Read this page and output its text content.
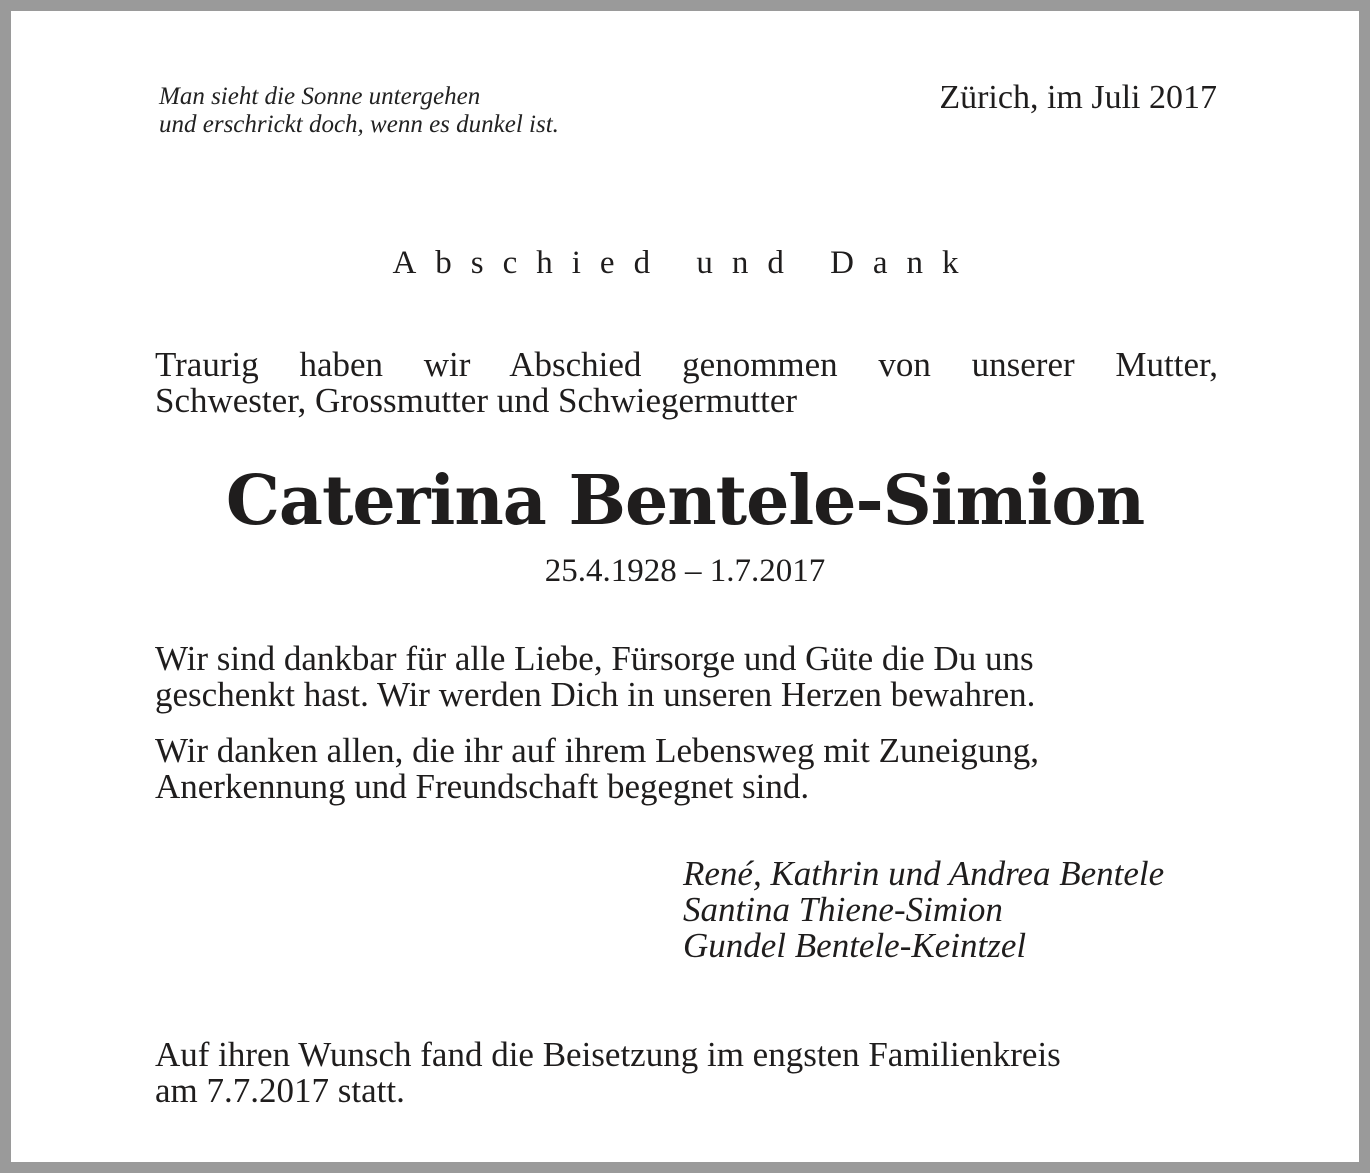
Man sieht die Sonne untergehen
und erschrickt doch, wenn es dunkel ist.
Zürich, im Juli 2017
Abschied und Dank
Traurig haben wir Abschied genommen von unserer Mutter,
Schwester, Grossmutter und Schwiegermutter
Caterina Bentele-Simion
25.4.1928 – 1.7.2017
Wir sind dankbar für alle Liebe, Fürsorge und Güte die Du uns
geschenkt hast. Wir werden Dich in unseren Herzen bewahren.
Wir danken allen, die ihr auf ihrem Lebensweg mit Zuneigung,
Anerkennung und Freundschaft begegnet sind.
René, Kathrin und Andrea Bentele
Santina Thiene-Simion
Gundel Bentele-Keintzel
Auf ihren Wunsch fand die Beisetzung im engsten Familienkreis
am 7.7.2017 statt.
